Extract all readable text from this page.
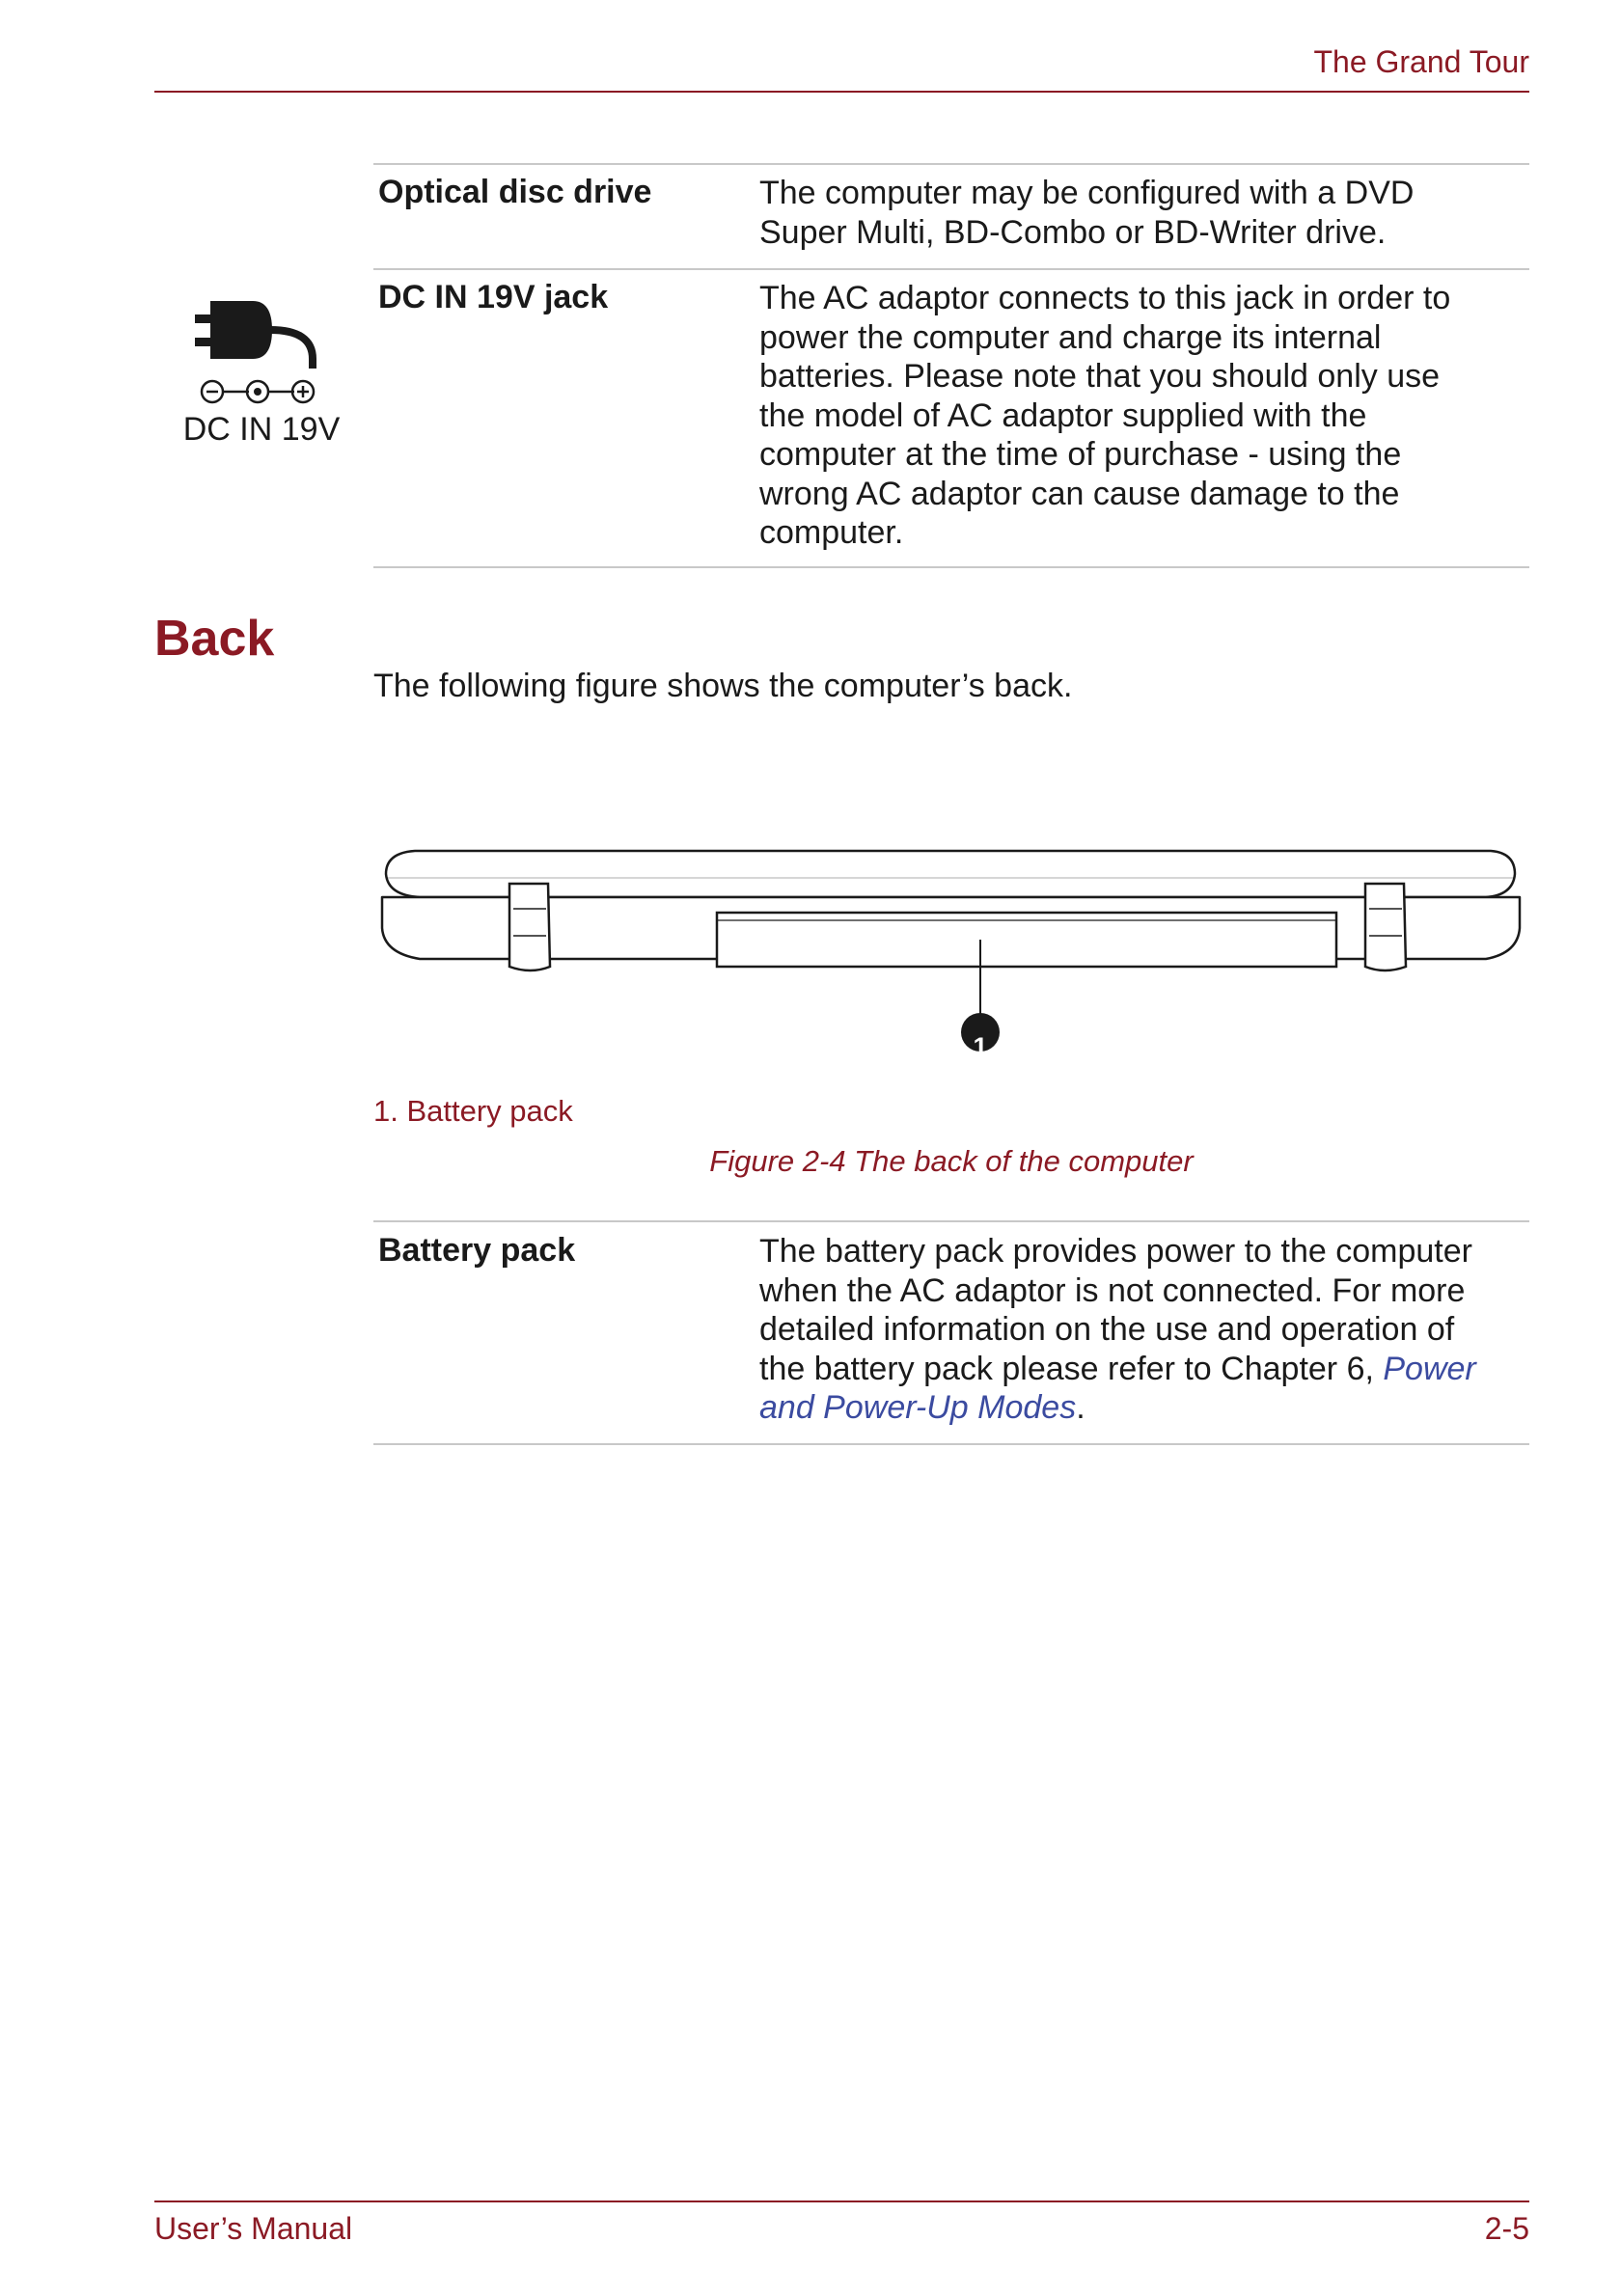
The Grand Tour
Optical disc drive	The computer may be configured with a DVD
Super Multi, BD-Combo or BD-Writer drive.
DC IN 19V jack	The AC adaptor connects to this jack in order to
power the computer and charge its internal
batteries. Please note that you should only use
the model of AC adaptor supplied with the
computer at the time of purchase - using the
wrong AC adaptor can cause damage to the
computer.
DC IN 19V
Back
The following figure shows the computer’s back.
1
1. Battery pack
Figure 2-4 The back of the computer
Battery pack	The battery pack provides power to the computer
when the AC adaptor is not connected. For more
detailed information on the use and operation of
the battery pack please refer to Chapter 6, Power
and Power-Up Modes.
User’s Manual	2-5
